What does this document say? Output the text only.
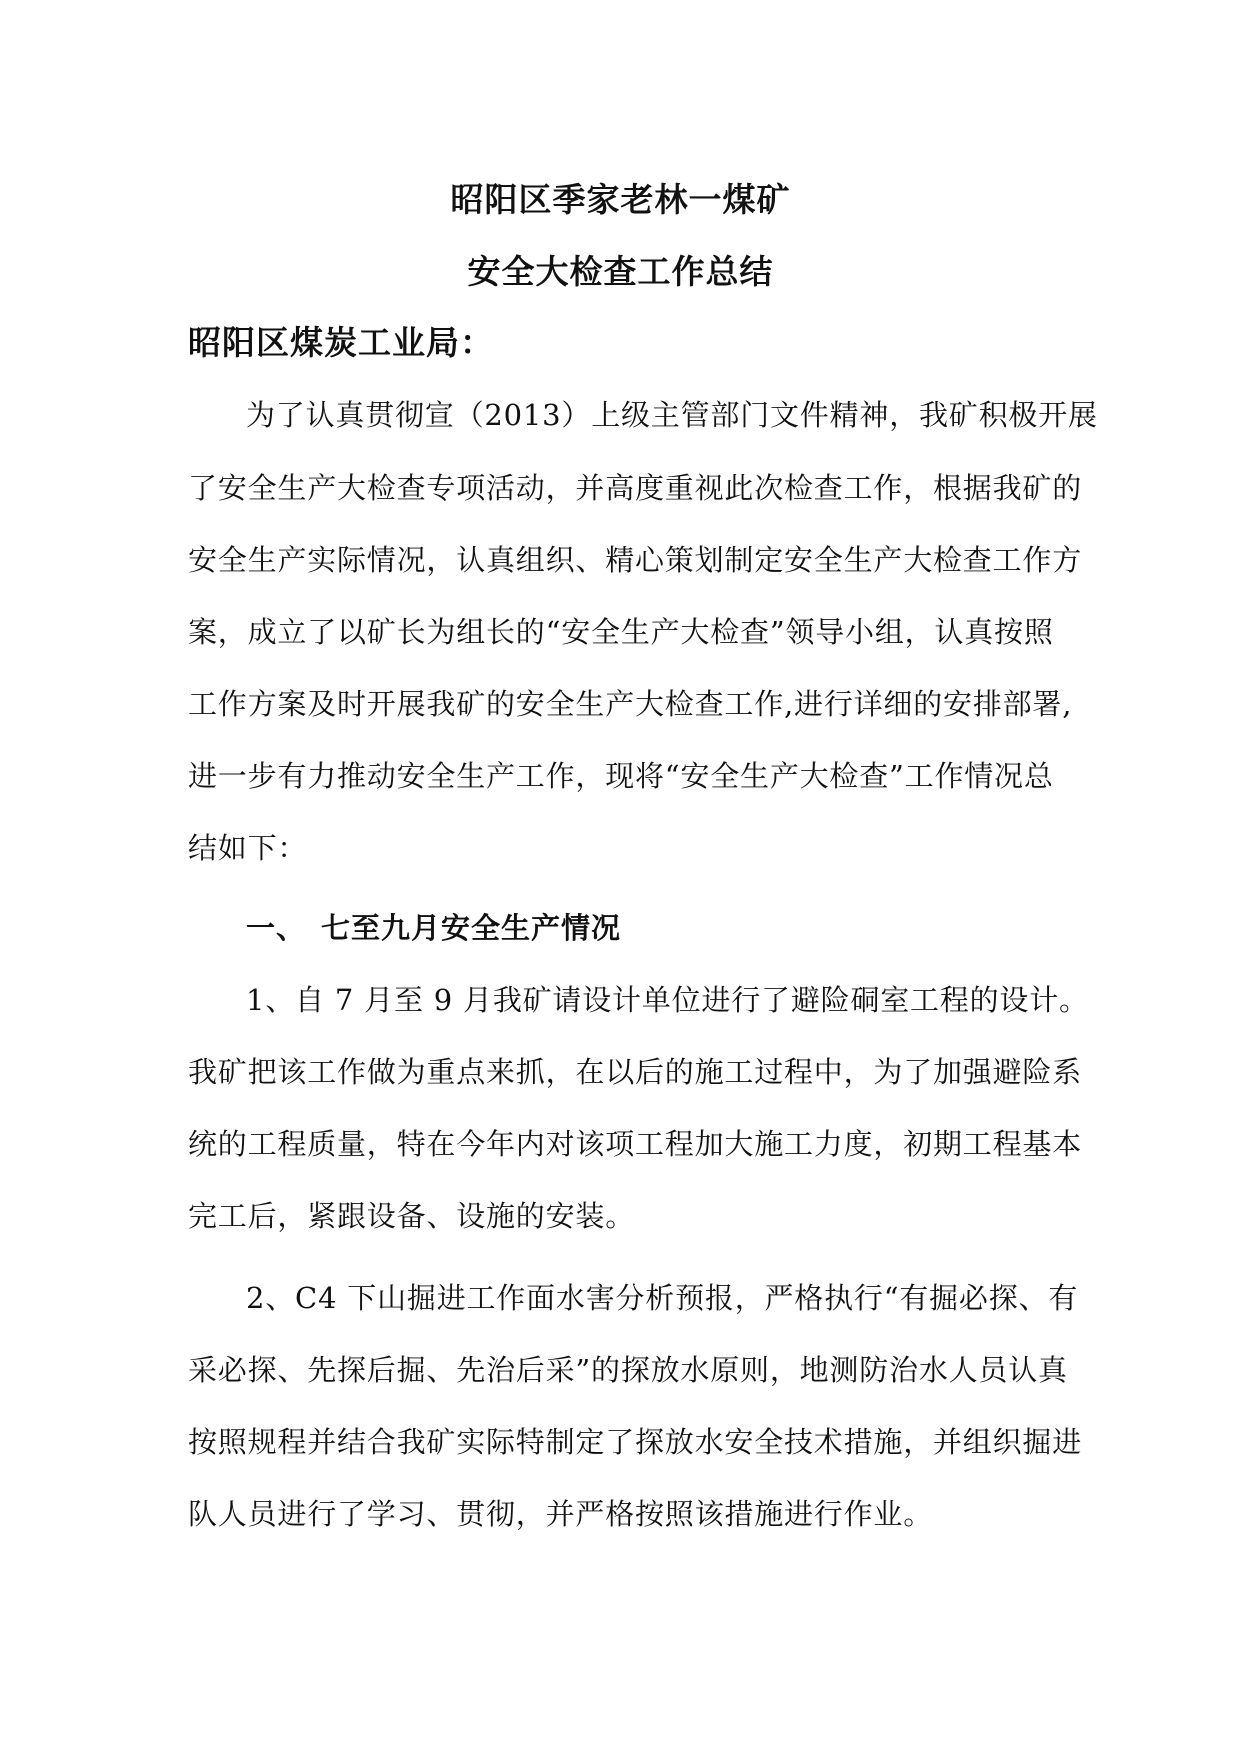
昭阳区季家老林一煤矿
安全大检查工作总结
昭阳区煤炭工业局：
为了认真贯彻宣（2013）上级主管部门文件精神，我矿积极开展
了安全生产大检查专项活动，并高度重视此次检查工作，根据我矿的
安全生产实际情况，认真组织、精心策划制定安全生产大检查工作方
案，成立了以矿长为组长的“安全生产大检查”领导小组，认真按照
工作方案及时开展我矿的安全生产大检查工作,进行详细的安排部署,
进一步有力推动安全生产工作，现将“安全生产大检查”工作情况总
结如下：
一、 七至九月安全生产情况
1、自 7 月至 9 月我矿请设计单位进行了避险硐室工程的设计。
我矿把该工作做为重点来抓，在以后的施工过程中，为了加强避险系
统的工程质量，特在今年内对该项工程加大施工力度，初期工程基本
完工后，紧跟设备、设施的安装。
2、C4 下山掘进工作面水害分析预报，严格执行“有掘必探、有
采必探、先探后掘、先治后采”的探放水原则，地测防治水人员认真
按照规程并结合我矿实际特制定了探放水安全技术措施，并组织掘进
队人员进行了学习、贯彻，并严格按照该措施进行作业。
